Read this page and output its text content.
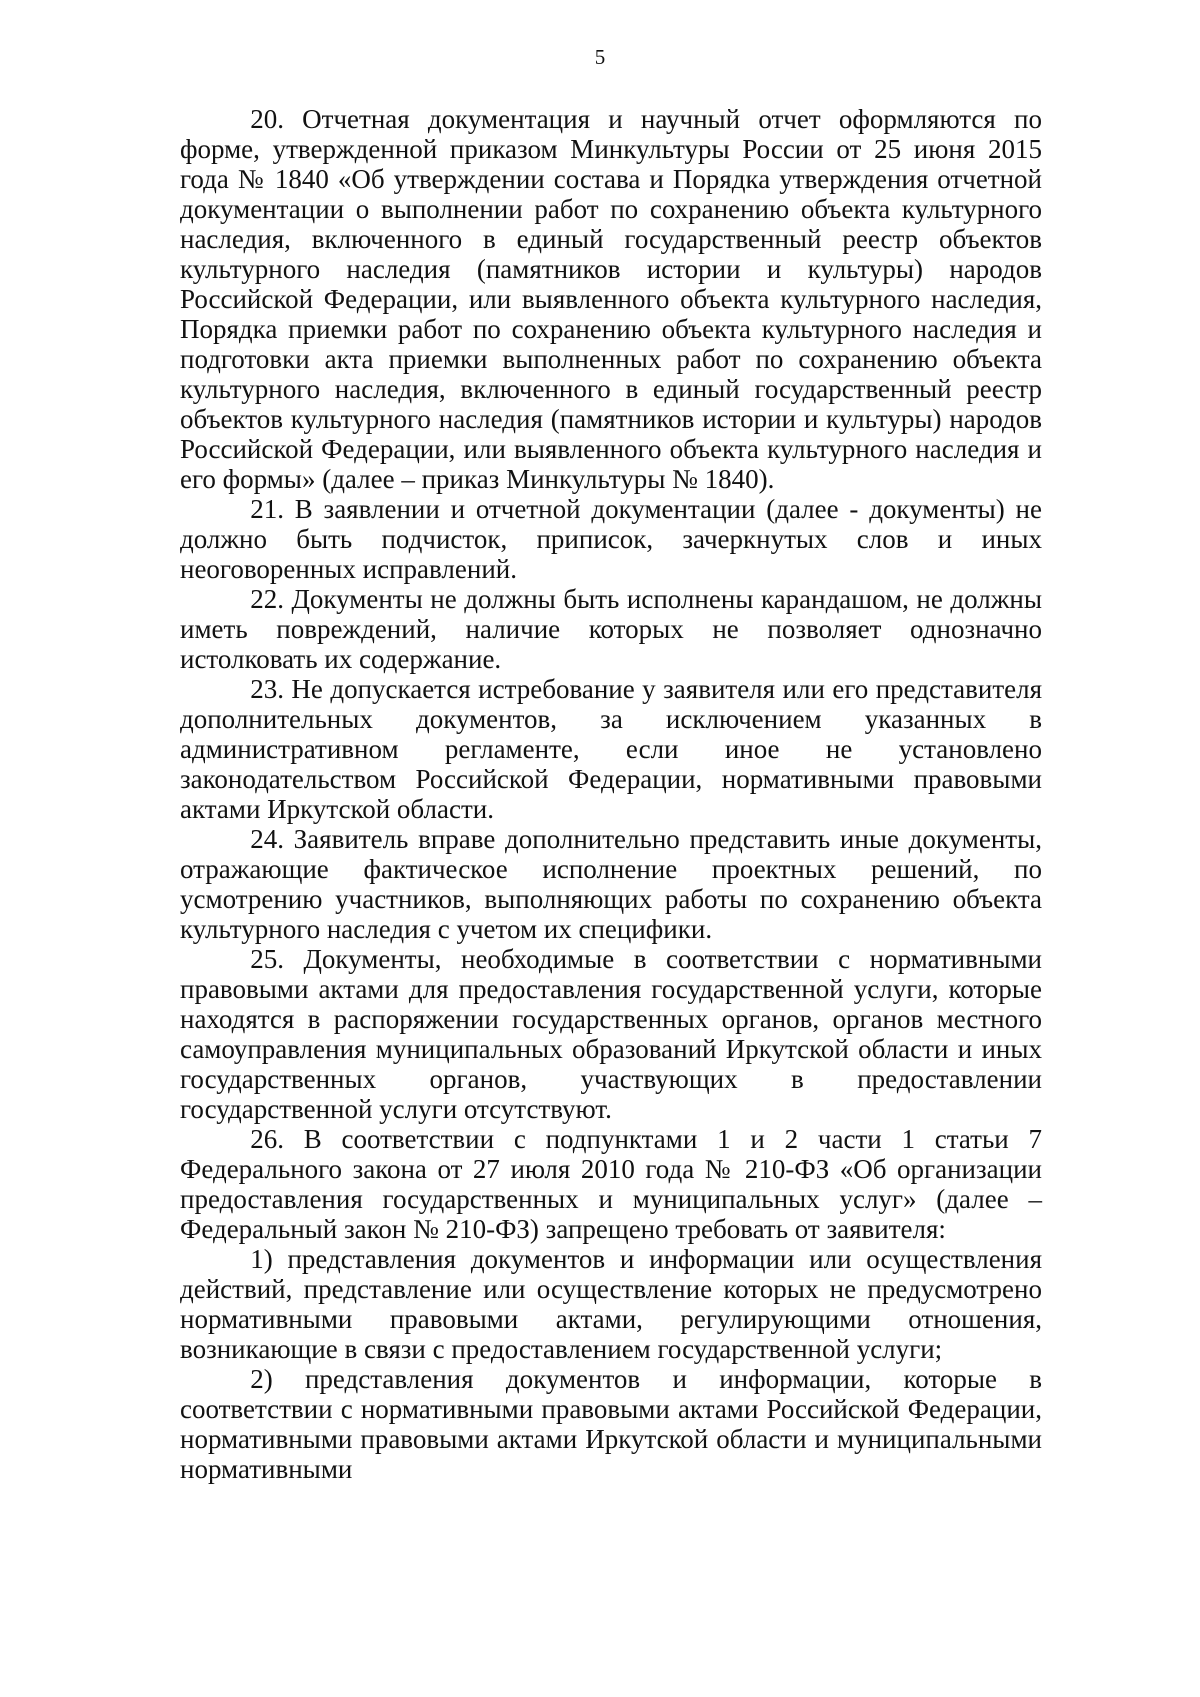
5

20. Отчетная документация и научный отчет оформляются по форме, утвержденной приказом Минкультуры России от 25 июня 2015 года № 1840 «Об утверждении состава и Порядка утверждения отчетной документации о выполнении работ по сохранению объекта культурного наследия, включенного в единый государственный реестр объектов культурного наследия (памятников истории и культуры) народов Российской Федерации, или выявленного объекта культурного наследия, Порядка приемки работ по сохранению объекта культурного наследия и подготовки акта приемки выполненных работ по сохранению объекта культурного наследия, включенного в единый государственный реестр объектов культурного наследия (памятников истории и культуры) народов Российской Федерации, или выявленного объекта культурного наследия и его формы» (далее – приказ Минкультуры № 1840).

21. В заявлении и отчетной документации (далее - документы) не должно быть подчисток, приписок, зачеркнутых слов и иных неоговоренных исправлений.

22. Документы не должны быть исполнены карандашом, не должны иметь повреждений, наличие которых не позволяет однозначно истолковать их содержание.

23. Не допускается истребование у заявителя или его представителя дополнительных документов, за исключением указанных в административном регламенте, если иное не установлено законодательством Российской Федерации, нормативными правовыми актами Иркутской области.

24. Заявитель вправе дополнительно представить иные документы, отражающие фактическое исполнение проектных решений, по усмотрению участников, выполняющих работы по сохранению объекта культурного наследия с учетом их специфики.

25. Документы, необходимые в соответствии с нормативными правовыми актами для предоставления государственной услуги, которые находятся в распоряжении государственных органов, органов местного самоуправления муниципальных образований Иркутской области и иных государственных органов, участвующих в предоставлении государственной услуги отсутствуют.

26. В соответствии с подпунктами 1 и 2 части 1 статьи 7 Федерального закона от 27 июля 2010 года № 210-ФЗ «Об организации предоставления государственных и муниципальных услуг» (далее – Федеральный закон № 210-ФЗ) запрещено требовать от заявителя:

1) представления документов и информации или осуществления действий, представление или осуществление которых не предусмотрено нормативными правовыми актами, регулирующими отношения, возникающие в связи с предоставлением государственной услуги;

2) представления документов и информации, которые в соответствии с нормативными правовыми актами Российской Федерации, нормативными правовыми актами Иркутской области и муниципальными нормативными
